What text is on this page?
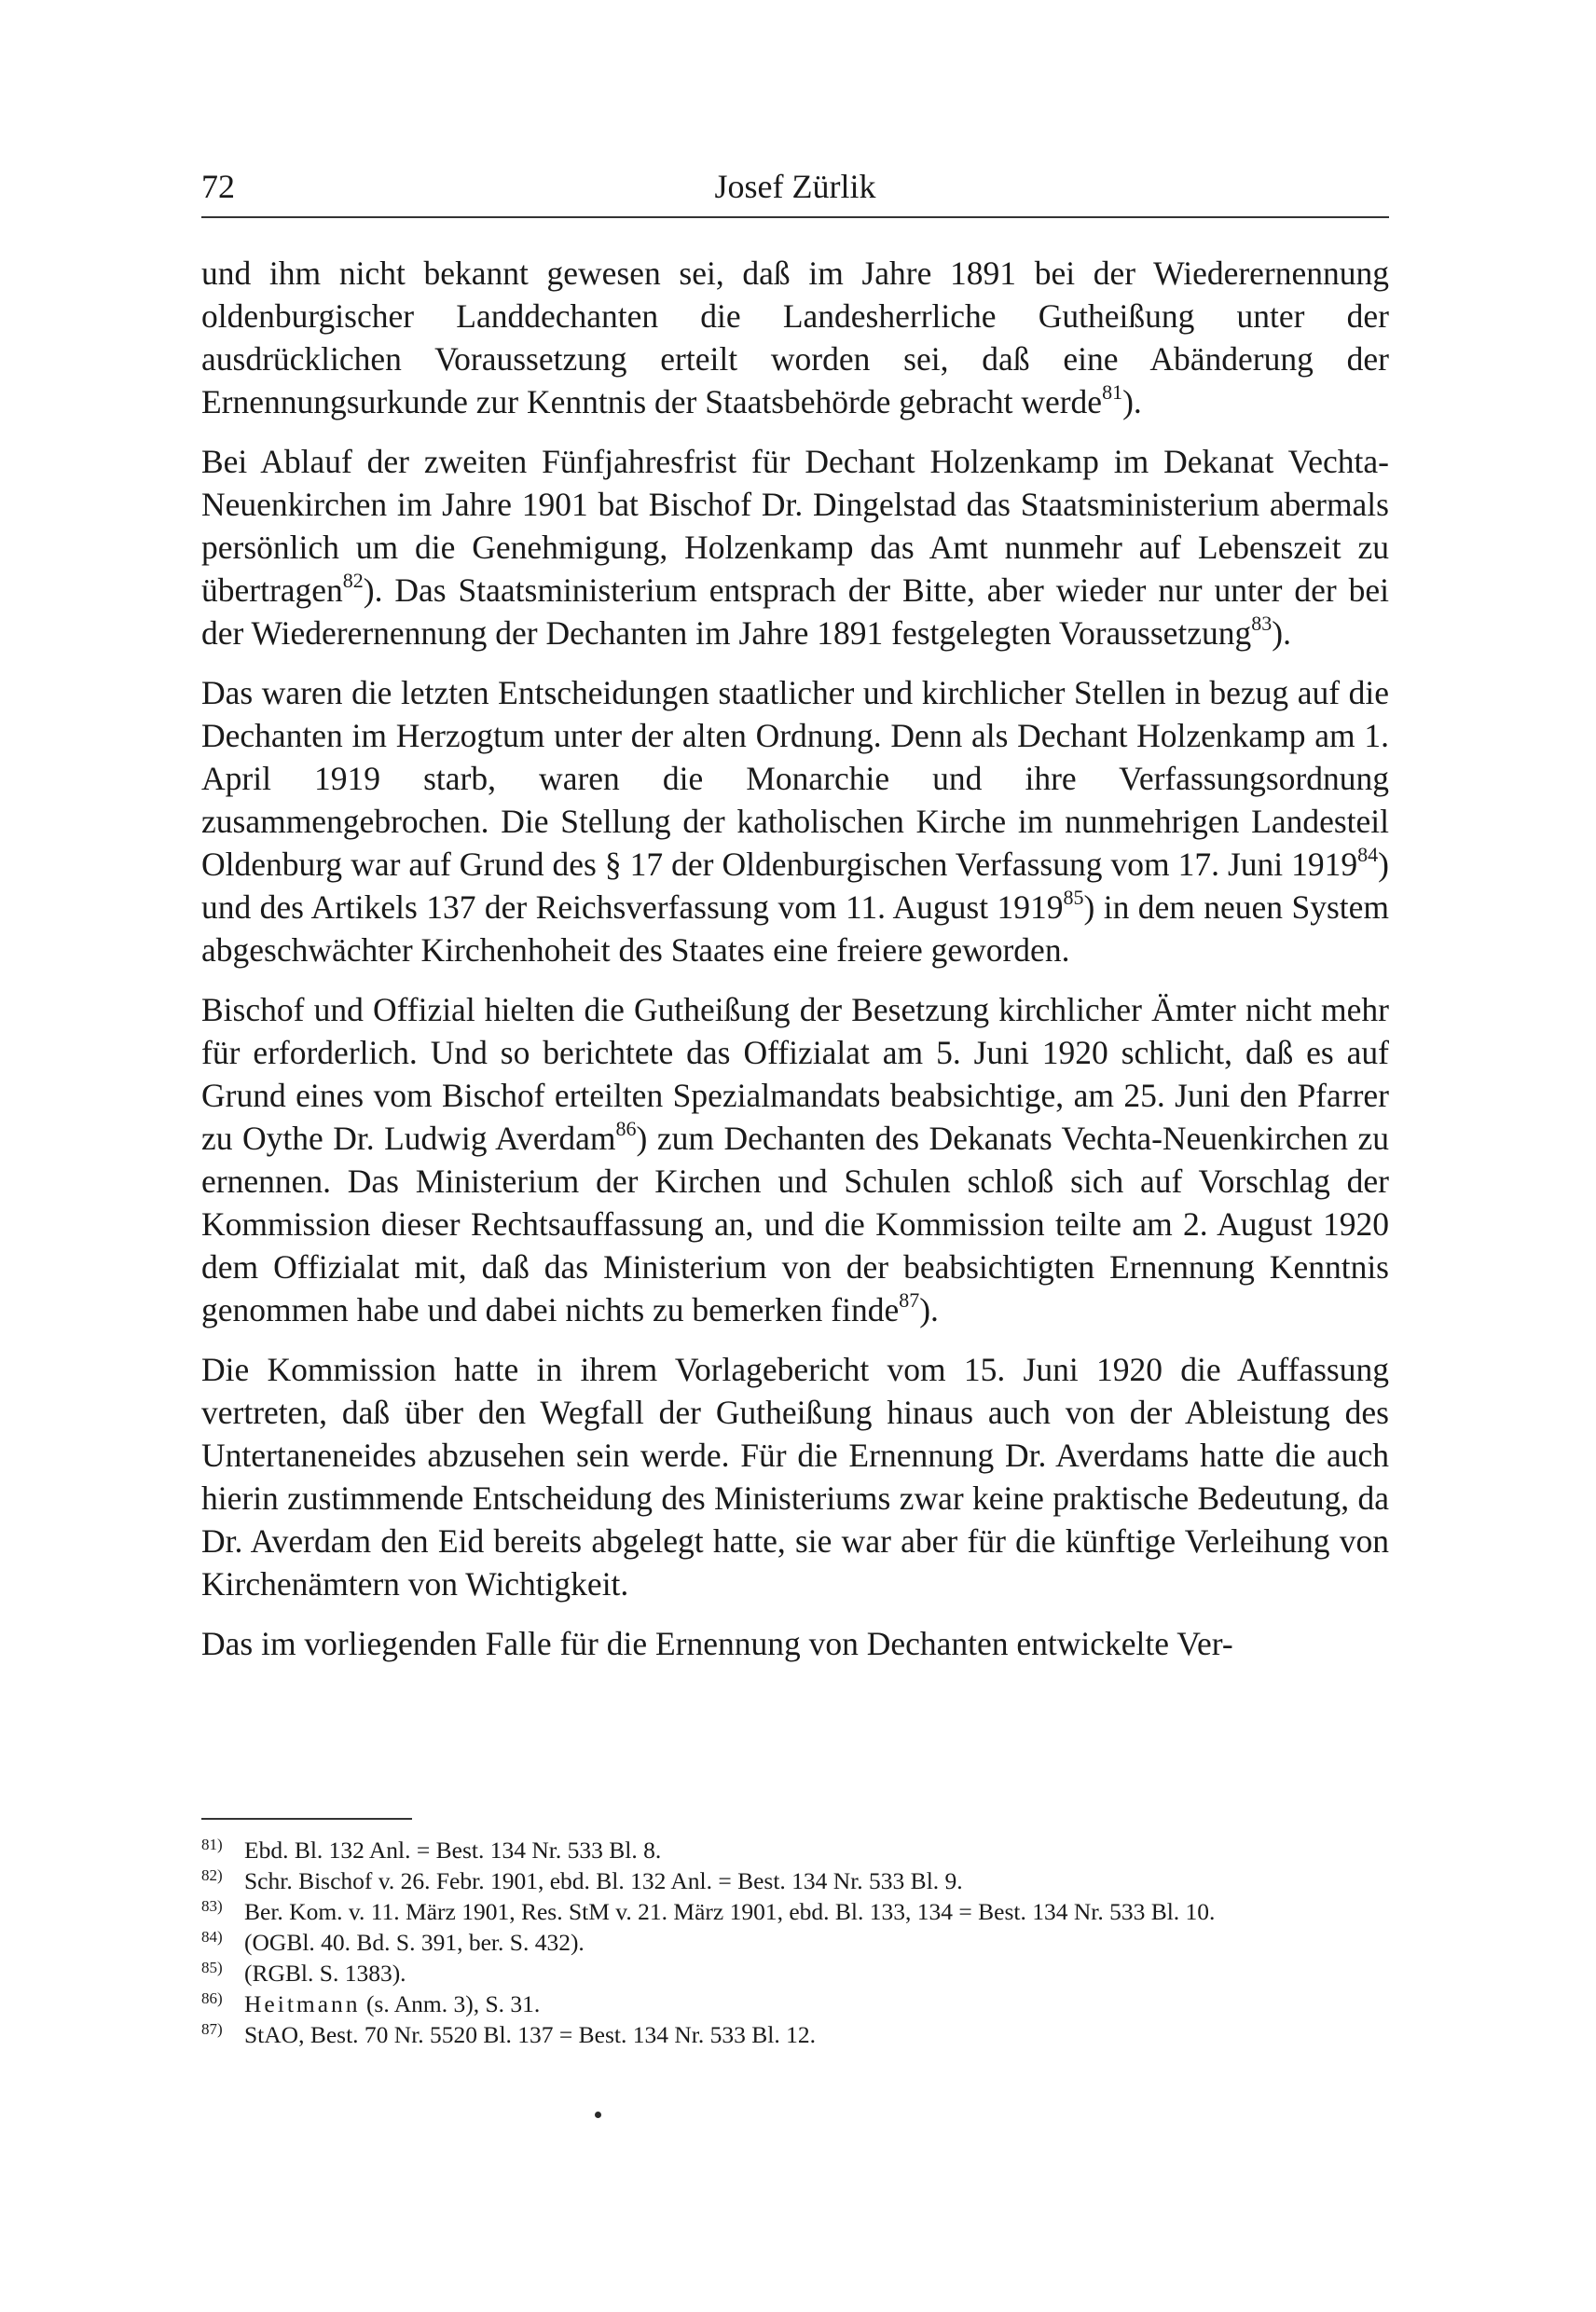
72	Josef Zürlik

und ihm nicht bekannt gewesen sei, daß im Jahre 1891 bei der Wiederernennung oldenburgischer Landdechanten die Landesherrliche Gutheißung unter der ausdrücklichen Voraussetzung erteilt worden sei, daß eine Abänderung der Ernennungsurkunde zur Kenntnis der Staatsbehörde gebracht werde$^{81}$).

Bei Ablauf der zweiten Fünfjahresfrist für Dechant Holzenkamp im Dekanat Vechta-Neuenkirchen im Jahre 1901 bat Bischof Dr. Dingelstad das Staatsministerium abermals persönlich um die Genehmigung, Holzenkamp das Amt nunmehr auf Lebenszeit zu übertragen$^{82}$). Das Staatsministerium entsprach der Bitte, aber wieder nur unter der bei der Wiederernennung der Dechanten im Jahre 1891 festgelegten Voraussetzung$^{83}$).

Das waren die letzten Entscheidungen staatlicher und kirchlicher Stellen in bezug auf die Dechanten im Herzogtum unter der alten Ordnung. Denn als Dechant Holzenkamp am 1. April 1919 starb, waren die Monarchie und ihre Verfassungsordnung zusammengebrochen. Die Stellung der katholischen Kirche im nunmehrigen Landesteil Oldenburg war auf Grund des § 17 der Oldenburgischen Verfassung vom 17. Juni 1919$^{84}$) und des Artikels 137 der Reichsverfassung vom 11. August 1919$^{85}$) in dem neuen System abgeschwächter Kirchenhoheit des Staates eine freiere geworden.

Bischof und Offizial hielten die Gutheißung der Besetzung kirchlicher Ämter nicht mehr für erforderlich. Und so berichtete das Offizialat am 5. Juni 1920 schlicht, daß es auf Grund eines vom Bischof erteilten Spezialmandats beabsichtige, am 25. Juni den Pfarrer zu Oythe Dr. Ludwig Averdam$^{86}$) zum Dechanten des Dekanats Vechta-Neuenkirchen zu ernennen. Das Ministerium der Kirchen und Schulen schloß sich auf Vorschlag der Kommission dieser Rechtsauffassung an, und die Kommission teilte am 2. August 1920 dem Offizialat mit, daß das Ministerium von der beabsichtigten Ernennung Kenntnis genommen habe und dabei nichts zu bemerken finde$^{87}$).

Die Kommission hatte in ihrem Vorlagebericht vom 15. Juni 1920 die Auffassung vertreten, daß über den Wegfall der Gutheißung hinaus auch von der Ableistung des Untertaneneides abzusehen sein werde. Für die Ernennung Dr. Averdams hatte die auch hierin zustimmende Entscheidung des Ministeriums zwar keine praktische Bedeutung, da Dr. Averdam den Eid bereits abgelegt hatte, sie war aber für die künftige Verleihung von Kirchenämtern von Wichtigkeit.

Das im vorliegenden Falle für die Ernennung von Dechanten entwickelte Ver-

81) Ebd. Bl. 132 Anl. = Best. 134 Nr. 533 Bl. 8.
82) Schr. Bischof v. 26. Febr. 1901, ebd. Bl. 132 Anl. = Best. 134 Nr. 533 Bl. 9.
83) Ber. Kom. v. 11. März 1901, Res. StM v. 21. März 1901, ebd. Bl. 133, 134 = Best. 134 Nr. 533 Bl. 10.
84) (OGBl. 40. Bd. S. 391, ber. S. 432).
85) (RGBl. S. 1383).
86) Heitmann (s. Anm. 3), S. 31.
87) StAO, Best. 70 Nr. 5520 Bl. 137 = Best. 134 Nr. 533 Bl. 12.
